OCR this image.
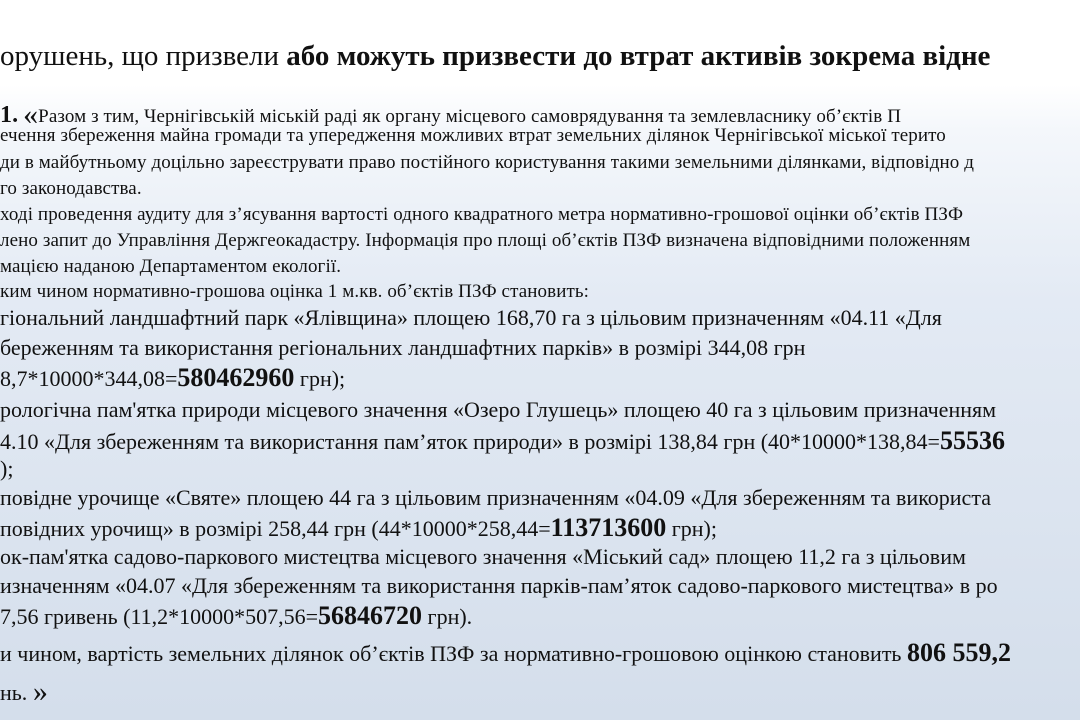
орушень, що призвели або можуть призвести до втрат активів зокрема відне
1. «Разом з тим, Чернігівській міській раді як органу місцевого самоврядування та землевласнику об’єктів П
ечення збереження майна громади та упередження можливих втрат земельних ділянок Чернігівської міської терито
ди в майбутньому доцільно зареєструвати право постійного користування такими земельними ділянками, відповідно д
го законодавства.
ході проведення аудиту для з’ясування вартості одного квадратного метра нормативно-грошової оцінки об’єктів ПЗФ
лено запит до Управління Держгеокадастру. Інформація про площі об’єктів ПЗФ визначена відповідними положенням
мацією наданою Департаментом екології.
ким чином нормативно-грошова оцінка 1 м.кв. об’єктів ПЗФ становить:
гіональний ландшафтний парк «Ялівщина» площею 168,70 га з цільовим призначенням «04.11 «Для
береженням та використання регіональних ландшафтних парків» в розмірі 344,08 грн
8,7*10000*344,08=580462960 грн);
рологічна пам'ятка природи місцевого значення «Озеро Глушець» площею 40 га з цільовим призначенням
4.10 «Для збереженням та використання пам’яток природи» в розмірі 138,84 грн (40*10000*138,84=55536
);
повідне урочище «Святе» площею 44 га з цільовим призначенням «04.09 «Для збереженням та використа
повідних урочищ» в розмірі 258,44 грн (44*10000*258,44=113713600 грн);
ок-пам'ятка садово-паркового мистецтва місцевого значення «Міський сад» площею 11,2 га з цільовим
изначенням «04.07 «Для збереженням та використання парків-пам’яток садово-паркового мистецтва» в ро
7,56 гривень (11,2*10000*507,56=56846720 грн).
и чином, вартість земельних ділянок об’єктів ПЗФ за нормативно-грошовою оцінкою становить 806 559,2
нь. »
